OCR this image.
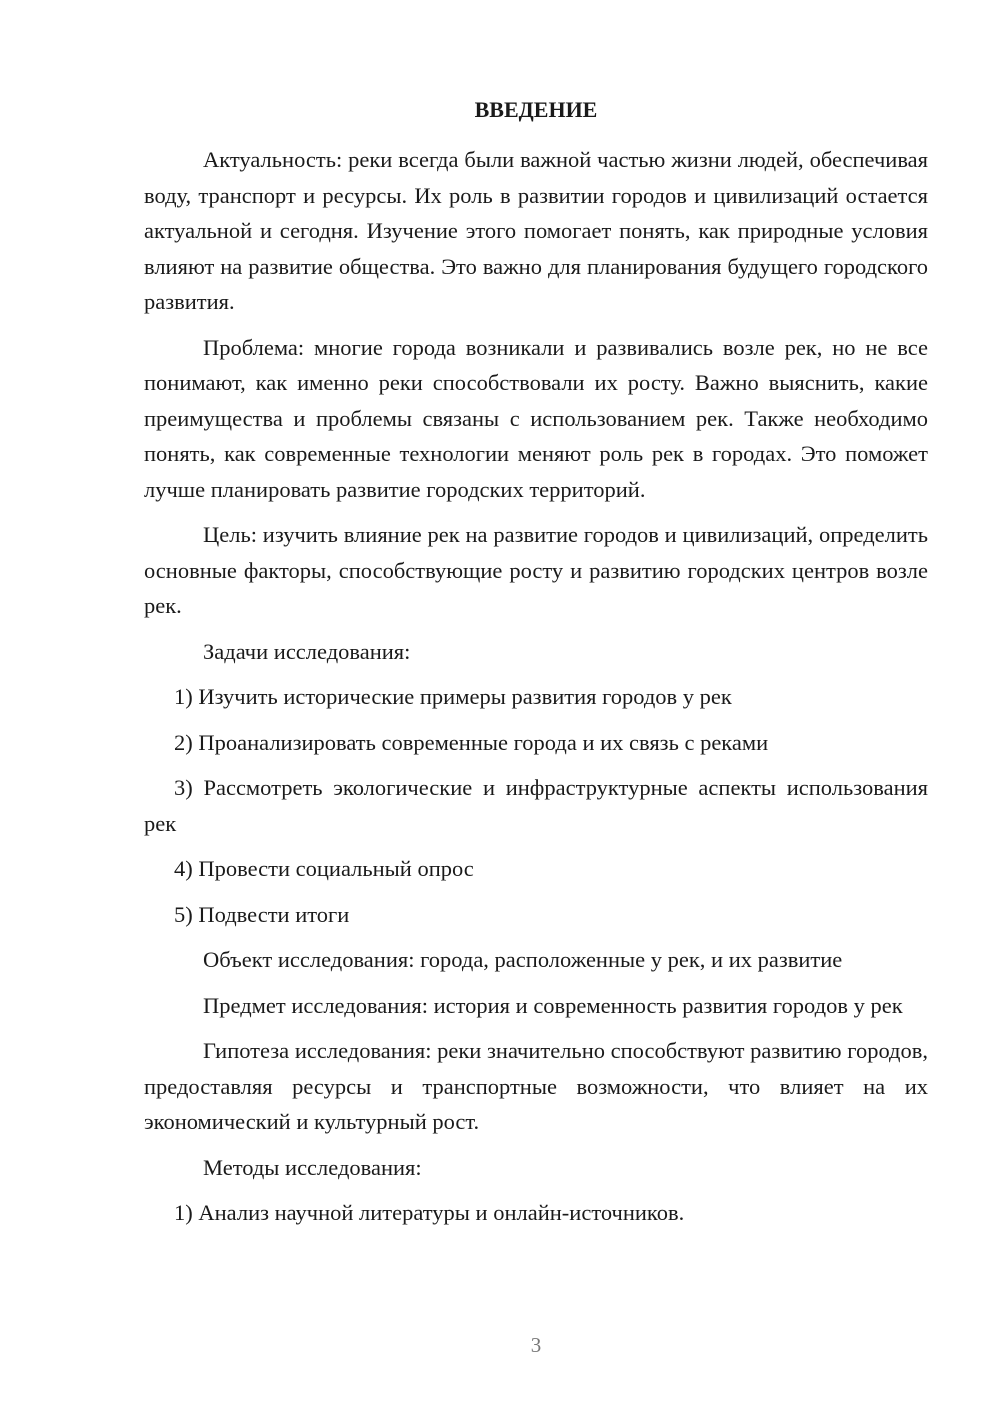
ВВЕДЕНИЕ

Актуальность: реки всегда были важной частью жизни людей, обеспечивая воду, транспорт и ресурсы. Их роль в развитии городов и цивилизаций остается актуальной и сегодня. Изучение этого помогает понять, как природные условия влияют на развитие общества. Это важно для планирования будущего городского развития.

Проблема: многие города возникали и развивались возле рек, но не все понимают, как именно реки способствовали их росту. Важно выяснить, какие преимущества и проблемы связаны с использованием рек. Также необходимо понять, как современные технологии меняют роль рек в городах. Это поможет лучше планировать развитие городских территорий.

Цель: изучить влияние рек на развитие городов и цивилизаций, определить основные факторы, способствующие росту и развитию городских центров возле рек.

Задачи исследования:

1) Изучить исторические примеры развития городов у рек

2) Проанализировать современные города и их связь с реками

3) Рассмотреть экологические и инфраструктурные аспекты использования рек

4) Провести социальный опрос

5) Подвести итоги

Объект исследования: города, расположенные у рек, и их развитие

Предмет исследования: история и современность развития городов у рек

Гипотеза исследования: реки значительно способствуют развитию городов, предоставляя ресурсы и транспортные возможности, что влияет на их экономический и культурный рост.

Методы исследования:

1) Анализ научной литературы и онлайн-источников.

3
